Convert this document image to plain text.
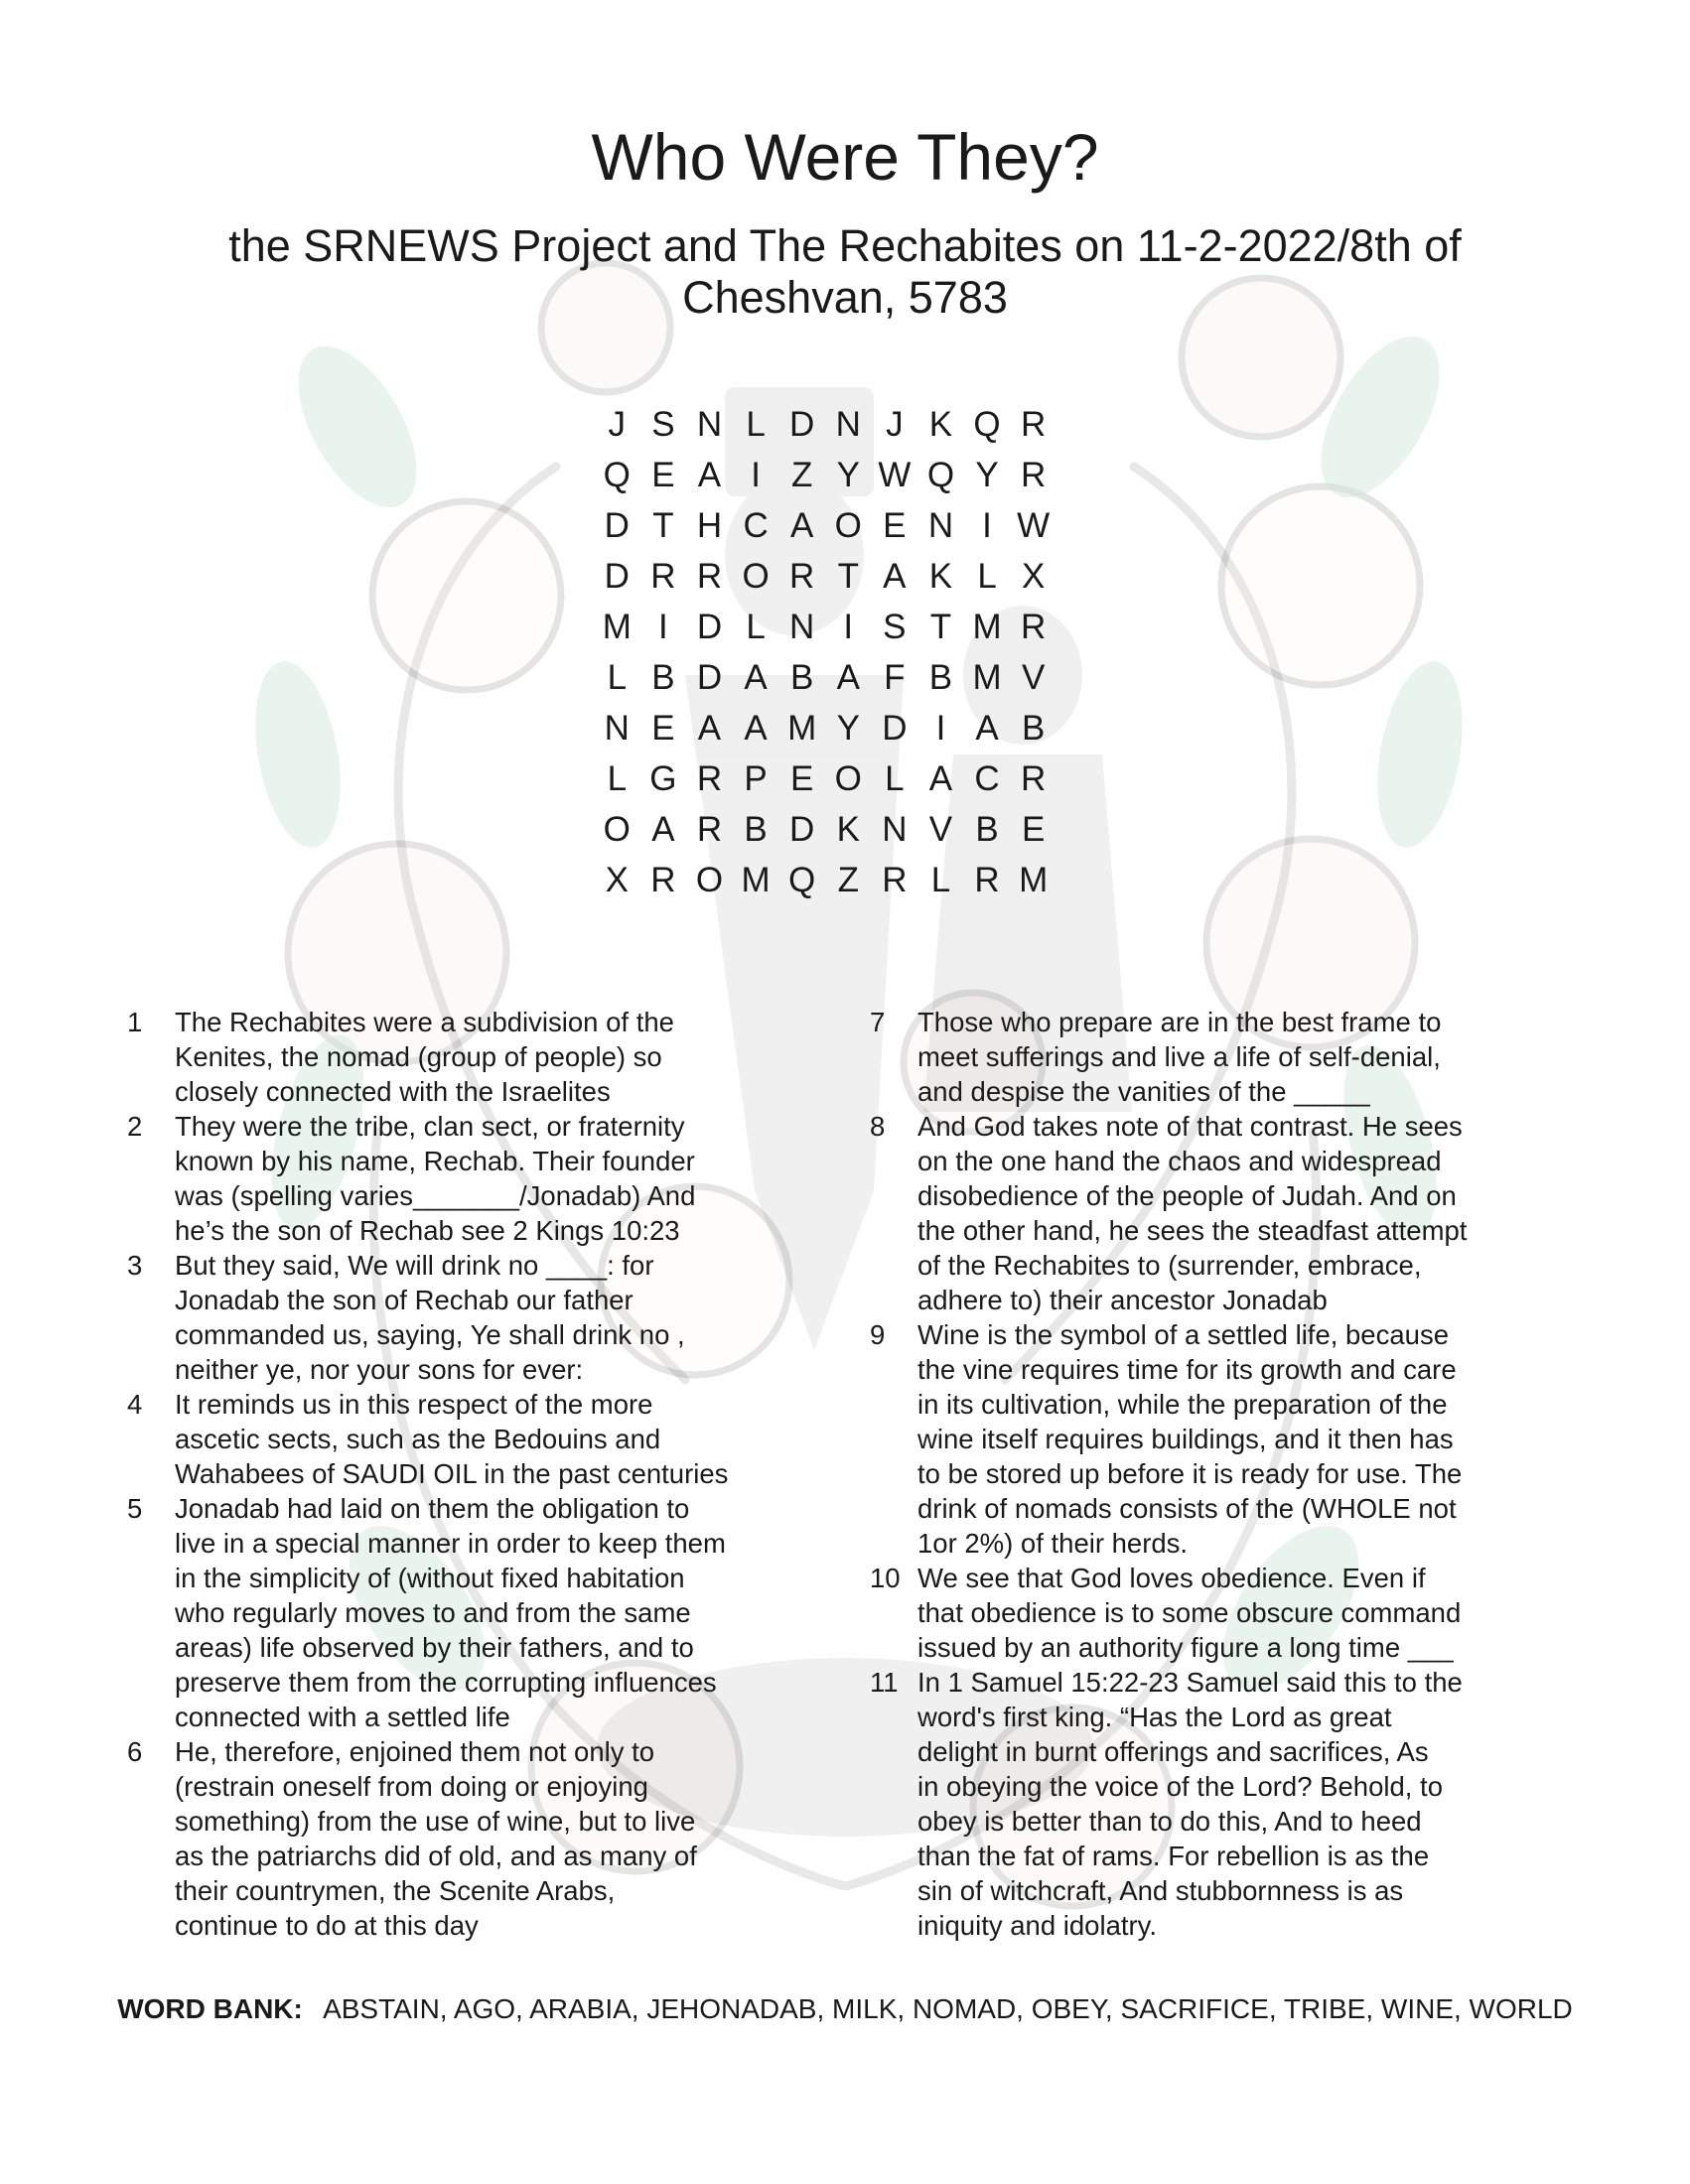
Who Were They?
the SRNEWS Project and The Rechabites on 11-2-2022/8th of Cheshvan, 5783
J S N L D N J K Q R
Q E A I Z Y W Q Y R
D T H C A O E N I W
D R R O R T A K L X
M I D L N I S T M R
L B D A B A F B M V
N E A A M Y D I A B
L G R P E O L A C R
O A R B D K N V B E
X R O M Q Z R L R M
1	The Rechabites were a subdivision of the
Kenites, the nomad (group of people) so
closely connected with the Israelites
2	They were the tribe, clan sect, or fraternity
known by his name, Rechab. Their founder
was (spelling varies_______/Jonadab) And
he’s the son of Rechab see 2 Kings 10:23
3	But they said, We will drink no ____: for
Jonadab the son of Rechab our father
commanded us, saying, Ye shall drink no ,
neither ye, nor your sons for ever:
4	It reminds us in this respect of the more
ascetic sects, such as the Bedouins and
Wahabees of SAUDI OIL in the past centuries
5	Jonadab had laid on them the obligation to
live in a special manner in order to keep them
in the simplicity of (without fixed habitation
who regularly moves to and from the same
areas) life observed by their fathers, and to
preserve them from the corrupting influences
connected with a settled life
6	He, therefore, enjoined them not only to
(restrain oneself from doing or enjoying
something) from the use of wine, but to live
as the patriarchs did of old, and as many of
their countrymen, the Scenite Arabs,
continue to do at this day
7	Those who prepare are in the best frame to
meet sufferings and live a life of self-denial,
and despise the vanities of the _____
8	And God takes note of that contrast. He sees
on the one hand the chaos and widespread
disobedience of the people of Judah. And on
the other hand, he sees the steadfast attempt
of the Rechabites to (surrender, embrace,
adhere to) their ancestor Jonadab
9	Wine is the symbol of a settled life, because
the vine requires time for its growth and care
in its cultivation, while the preparation of the
wine itself requires buildings, and it then has
to be stored up before it is ready for use. The
drink of nomads consists of the (WHOLE not
1or 2%) of their herds.
10 We see that God loves obedience. Even if
that obedience is to some obscure command
issued by an authority figure a long time ___
11 In 1 Samuel 15:22-23 Samuel said this to the
word's first king. “Has the Lord as great
delight in burnt offerings and sacrifices, As
in obeying the voice of the Lord? Behold, to
obey is better than to do this, And to heed
than the fat of rams. For rebellion is as the
sin of witchcraft, And stubbornness is as
iniquity and idolatry.
WORD BANK: ABSTAIN, AGO, ARABIA, JEHONADAB, MILK, NOMAD, OBEY, SACRIFICE, TRIBE, WINE, WORLD
